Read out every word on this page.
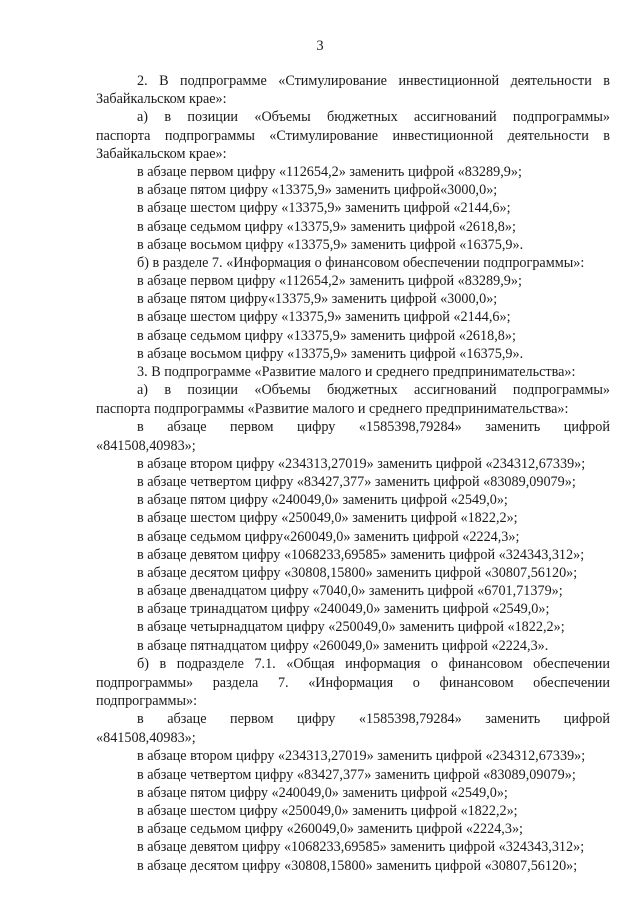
3
2. В подпрограмме «Стимулирование инвестиционной деятельности в
Забайкальском крае»:
а) в позиции «Объемы бюджетных ассигнований подпрограммы»
паспорта подпрограммы «Стимулирование инвестиционной деятельности в
Забайкальском крае»:
в абзаце первом цифру «112654,2» заменить цифрой «83289,9»;
в абзаце пятом цифру «13375,9» заменить цифрой«3000,0»;
в абзаце шестом цифру «13375,9» заменить цифрой «2144,6»;
в абзаце седьмом цифру «13375,9» заменить цифрой «2618,8»;
в абзаце восьмом цифру «13375,9» заменить цифрой «16375,9».
б) в разделе 7. «Информация о финансовом обеспечении подпрограммы»:
в абзаце первом цифру «112654,2» заменить цифрой «83289,9»;
в абзаце пятом цифру«13375,9» заменить цифрой «3000,0»;
в абзаце шестом цифру «13375,9» заменить цифрой «2144,6»;
в абзаце седьмом цифру «13375,9» заменить цифрой «2618,8»;
в абзаце восьмом цифру «13375,9» заменить цифрой «16375,9».
3. В подпрограмме «Развитие малого и среднего предпринимательства»:
а) в позиции «Объемы бюджетных ассигнований подпрограммы»
паспорта подпрограммы «Развитие малого и среднего предпринимательства»:
в абзаце первом цифру «1585398,79284» заменить цифрой
«841508,40983»;
в абзаце втором цифру «234313,27019» заменить цифрой «234312,67339»;
в абзаце четвертом цифру «83427,377» заменить цифрой «83089,09079»;
в абзаце пятом цифру «240049,0» заменить цифрой «2549,0»;
в абзаце шестом цифру «250049,0» заменить цифрой «1822,2»;
в абзаце седьмом цифру«260049,0» заменить цифрой «2224,3»;
в абзаце девятом цифру «1068233,69585» заменить цифрой «324343,312»;
в абзаце десятом цифру «30808,15800» заменить цифрой «30807,56120»;
в абзаце двенадцатом цифру «7040,0» заменить цифрой «6701,71379»;
в абзаце тринадцатом цифру «240049,0» заменить цифрой «2549,0»;
в абзаце четырнадцатом цифру «250049,0» заменить цифрой «1822,2»;
в абзаце пятнадцатом цифру «260049,0» заменить цифрой «2224,3».
б) в подразделе 7.1. «Общая информация о финансовом обеспечении
подпрограммы» раздела 7. «Информация о финансовом обеспечении
подпрограммы»:
в абзаце первом цифру «1585398,79284» заменить цифрой
«841508,40983»;
в абзаце втором цифру «234313,27019» заменить цифрой «234312,67339»;
в абзаце четвертом цифру «83427,377» заменить цифрой «83089,09079»;
в абзаце пятом цифру «240049,0» заменить цифрой «2549,0»;
в абзаце шестом цифру «250049,0» заменить цифрой «1822,2»;
в абзаце седьмом цифру «260049,0» заменить цифрой «2224,3»;
в абзаце девятом цифру «1068233,69585» заменить цифрой «324343,312»;
в абзаце десятом цифру «30808,15800» заменить цифрой «30807,56120»;
